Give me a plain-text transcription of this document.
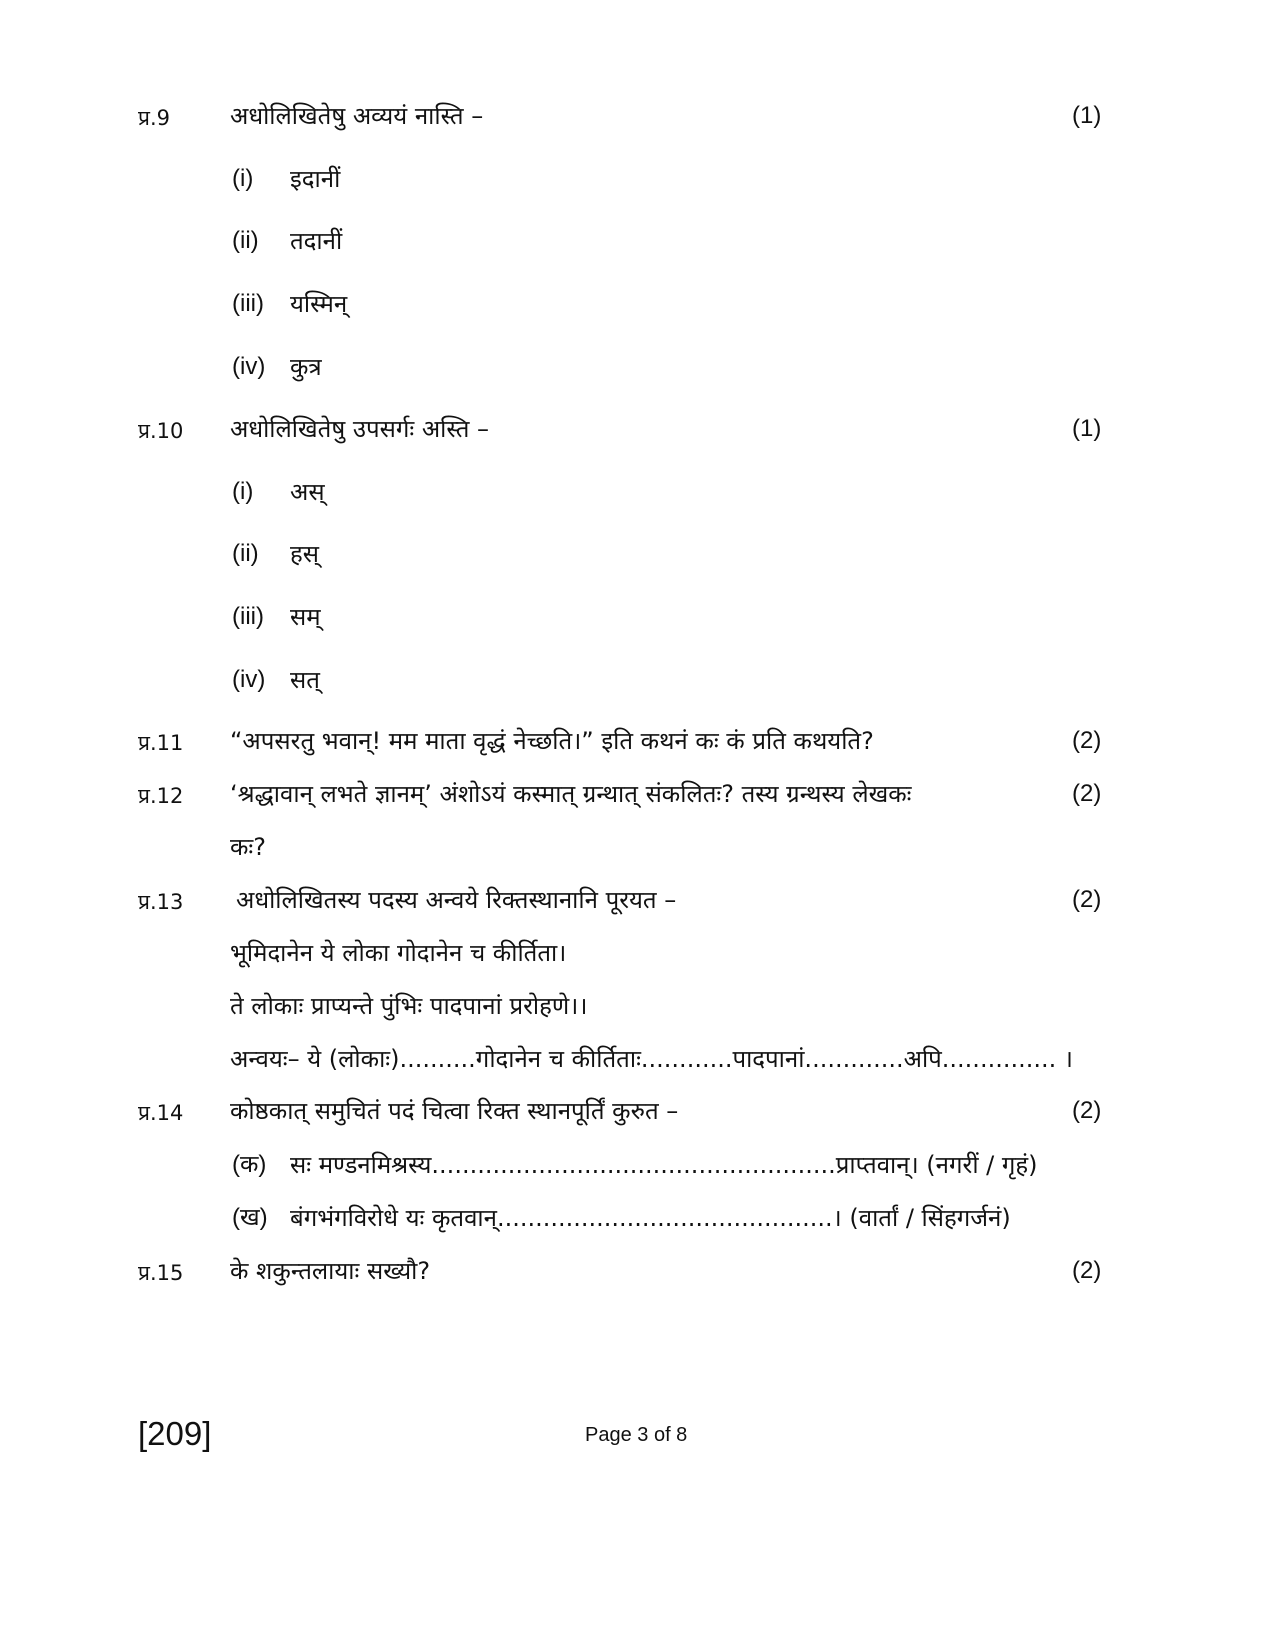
प्र.9	अधोलिखितेषु अव्ययं नास्ति –	(1)
(i) इदानीं
(ii) तदानीं
(iii) यस्मिन्
(iv) कुत्र
प्र.10 अधोलिखितेषु उपसर्गः अस्ति –	(1)
(i) अस्
(ii) हस्
(iii) सम्
(iv) सत्
प्र.11 “अपसरतु भवान्! मम माता वृद्धं नेच्छति।” इति कथनं कः कं प्रति कथयति?	(2)
प्र.12 ‘श्रद्धावान् लभते ज्ञानम्’ अंशोऽयं कस्मात् ग्रन्थात् संकलितः? तस्य ग्रन्थस्य लेखकः	(2)
कः?
प्र.13 अधोलिखितस्य पदस्य अन्वये रिक्तस्थानानि पूरयत –	(2)
भूमिदानेन ये लोका गोदानेन च कीर्तिता।
ते लोकाः प्राप्यन्ते पुंभिः पादपानां प्ररोहणे।।
अन्वयः– ये (लोकाः)..........गोदानेन च कीर्तिताः............पादपानां.............अपि............... ।
प्र.14 कोष्ठकात् समुचितं पदं चित्वा रिक्त स्थानपूर्तिं कुरुत –	(2)
(क) सः मण्डनमिश्रस्य.....................................................प्राप्तवान्। (नगरीं / गृहं)
(ख) बंगभंगविरोधे यः कृतवान्............................................। (वार्तां / सिंहगर्जनं)
प्र.15 के शकुन्तलायाः सख्यौ?	(2)
[209]	Page 3 of 8
